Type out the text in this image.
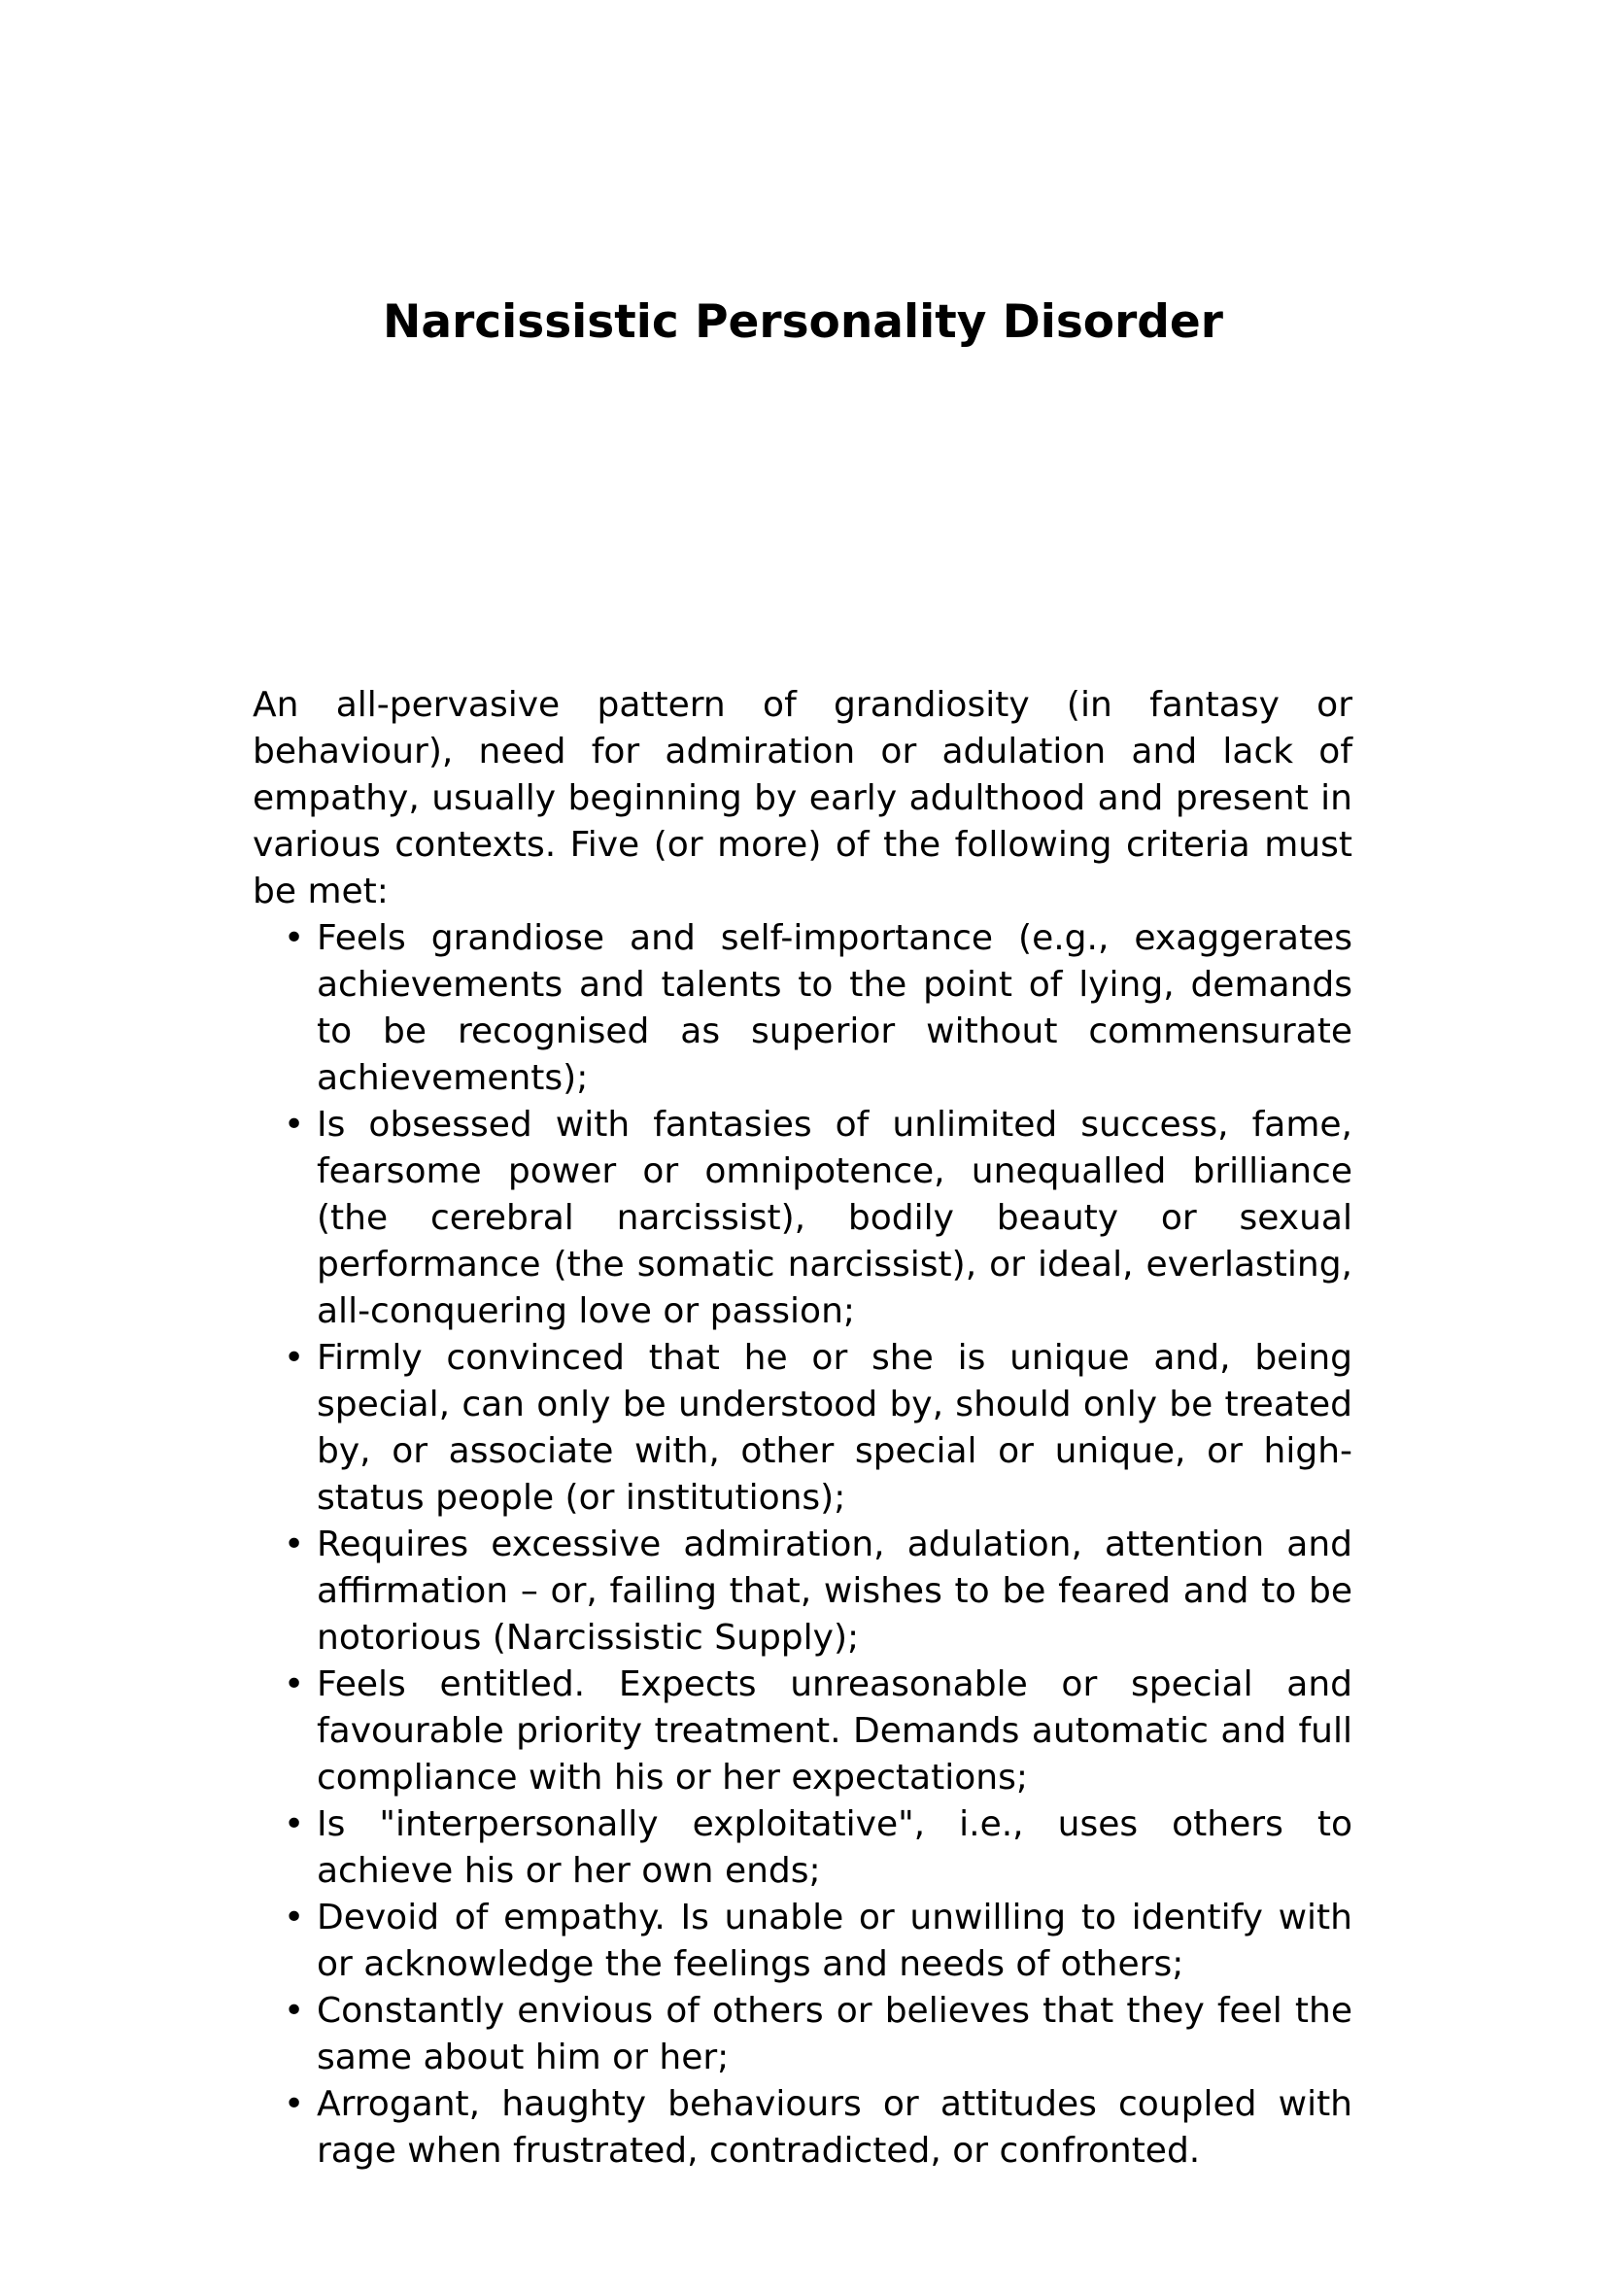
Narcissistic Personality Disorder

An all-pervasive pattern of grandiosity (in fantasy or behaviour), need for admiration or adulation and lack of empathy, usually beginning by early adulthood and present in various contexts. Five (or more) of the following criteria must be met:

• Feels grandiose and self-importance (e.g., exaggerates achievements and talents to the point of lying, demands to be recognised as superior without commensurate achievements);
• Is obsessed with fantasies of unlimited success, fame, fearsome power or omnipotence, unequalled brilliance (the cerebral narcissist), bodily beauty or sexual performance (the somatic narcissist), or ideal, everlasting, all-conquering love or passion;
• Firmly convinced that he or she is unique and, being special, can only be understood by, should only be treated by, or associate with, other special or unique, or high-status people (or institutions);
• Requires excessive admiration, adulation, attention and affirmation – or, failing that, wishes to be feared and to be notorious (Narcissistic Supply);
• Feels entitled. Expects unreasonable or special and favourable priority treatment. Demands automatic and full compliance with his or her expectations;
• Is "interpersonally exploitative", i.e., uses others to achieve his or her own ends;
• Devoid of empathy. Is unable or unwilling to identify with or acknowledge the feelings and needs of others;
• Constantly envious of others or believes that they feel the same about him or her;
• Arrogant, haughty behaviours or attitudes coupled with rage when frustrated, contradicted, or confronted.
